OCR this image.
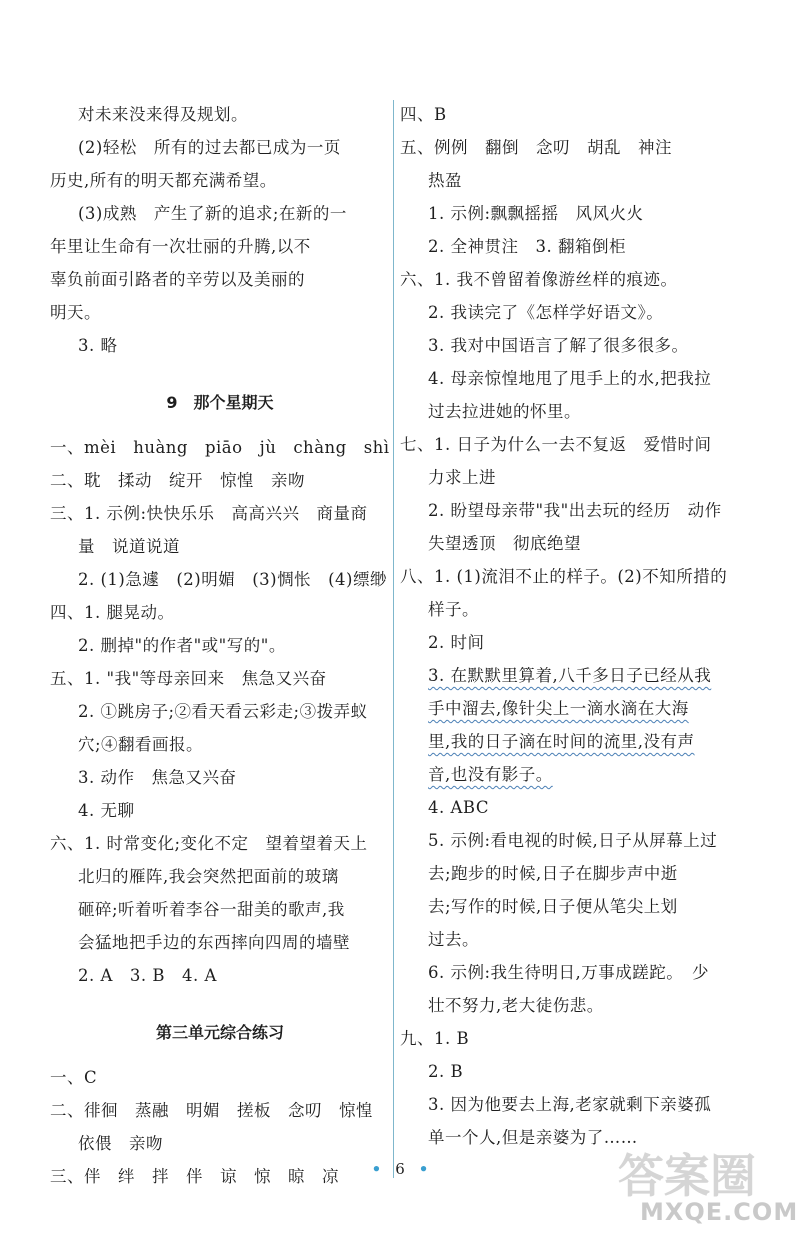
对未来没来得及规划。
(2)轻松　所有的过去都已成为一页
历史,所有的明天都充满希望。
(3)成熟　产生了新的追求;在新的一
年里让生命有一次壮丽的升腾,以不
辜负前面引路者的辛劳以及美丽的
明天。
3. 略
9　那个星期天
一、mèi　huàng　piāo　jù　chàng　shì
二、耽　揉动　绽开　惊惶　亲吻
三、1. 示例:快快乐乐　高高兴兴　商量商
量　说道说道
2. (1)急遽　(2)明媚　(3)惆怅　(4)缥缈
四、1. 腿晃动。
2. 删掉"的作者"或"写的"。
五、1. "我"等母亲回来　焦急又兴奋
2. ①跳房子;②看天看云彩走;③拨弄蚁
穴;④翻看画报。
3. 动作　焦急又兴奋
4. 无聊
六、1. 时常变化;变化不定　望着望着天上
北归的雁阵,我会突然把面前的玻璃
砸碎;听着听着李谷一甜美的歌声,我
会猛地把手边的东西摔向四周的墙壁
2. A　3. B　4. A
第三单元综合练习
一、C
二、徘徊　蒸融　明媚　搓板　念叨　惊惶
依偎　亲吻
三、伴　绊　拌　伴　谅　惊　晾　凉
四、B
五、例例　翻倒　念叨　胡乱　神注
热盈
1. 示例:飘飘摇摇　风风火火
2. 全神贯注　3. 翻箱倒柜
六、1. 我不曾留着像游丝样的痕迹。
2. 我读完了《怎样学好语文》。
3. 我对中国语言了解了很多很多。
4. 母亲惊惶地甩了甩手上的水,把我拉
过去拉进她的怀里。
七、1. 日子为什么一去不复返　爱惜时间
力求上进
2. 盼望母亲带"我"出去玩的经历　动作
失望透顶　彻底绝望
八、1. (1)流泪不止的样子。(2)不知所措的
样子。
2. 时间
3. 在默默里算着,八千多日子已经从我
手中溜去,像针尖上一滴水滴在大海
里,我的日子滴在时间的流里,没有声
音,也没有影子。
4. ABC
5. 示例:看电视的时候,日子从屏幕上过
去;跑步的时候,日子在脚步声中逝
去;写作的时候,日子便从笔尖上划
过去。
6. 示例:我生待明日,万事成蹉跎。　少
壮不努力,老大徒伤悲。
九、1. B
2. B
3. 因为他要去上海,老家就剩下亲婆孤
单一个人,但是亲婆为了……
• 6 •	答案圈
MXQE.COM
